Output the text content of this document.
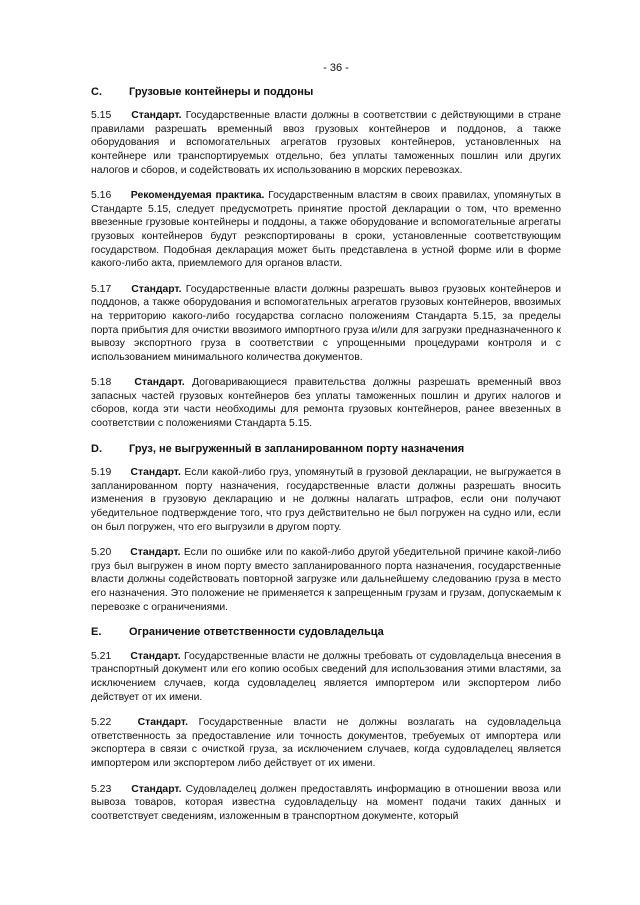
- 36 -
C.	Грузовые контейнеры и поддоны

5.15 Стандарт. Государственные власти должны в соответствии с действующими в стране правилами разрешать временный ввоз грузовых контейнеров и поддонов, а также оборудования и вспомогательных агрегатов грузовых контейнеров, установленных на контейнере или транспортируемых отдельно, без уплаты таможенных пошлин или других налогов и сборов, и содействовать их использованию в морских перевозках.

5.16 Рекомендуемая практика. Государственным властям в своих правилах, упомянутых в Стандарте 5.15, следует предусмотреть принятие простой декларации о том, что временно ввезенные грузовые контейнеры и поддоны, а также оборудование и вспомогательные агрегаты грузовых контейнеров будут реэкспортированы в сроки, установленные соответствующим государством. Подобная декларация может быть представлена в устной форме или в форме какого-либо акта, приемлемого для органов власти.

5.17 Стандарт. Государственные власти должны разрешать вывоз грузовых контейнеров и поддонов, а также оборудования и вспомогательных агрегатов грузовых контейнеров, ввозимых на территорию какого-либо государства согласно положениям Стандарта 5.15, за пределы порта прибытия для очистки ввозимого импортного груза и/или для загрузки предназначенного к вывозу экспортного груза в соответствии с упрощенными процедурами контроля и с использованием минимального количества документов.

5.18 Стандарт. Договаривающиеся правительства должны разрешать временный ввоз запасных частей грузовых контейнеров без уплаты таможенных пошлин и других налогов и сборов, когда эти части необходимы для ремонта грузовых контейнеров, ранее ввезенных в соответствии с положениями Стандарта 5.15.

D.	Груз, не выгруженный в запланированном порту назначения

5.19 Стандарт. Если какой-либо груз, упомянутый в грузовой декларации, не выгружается в запланированном порту назначения, государственные власти должны разрешать вносить изменения в грузовую декларацию и не должны налагать штрафов, если они получают убедительное подтверждение того, что груз действительно не был погружен на судно или, если он был погружен, что его выгрузили в другом порту.

5.20 Стандарт. Если по ошибке или по какой-либо другой убедительной причине какой-либо груз был выгружен в ином порту вместо запланированного порта назначения, государственные власти должны содействовать повторной загрузке или дальнейшему следованию груза в место его назначения. Это положение не применяется к запрещенным грузам и грузам, допускаемым к перевозке с ограничениями.

E.	Ограничение ответственности судовладельца

5.21 Стандарт. Государственные власти не должны требовать от судовладельца внесения в транспортный документ или его копию особых сведений для использования этими властями, за исключением случаев, когда судовладелец является импортером или экспортером либо действует от их имени.

5.22	Стандарт. Государственные власти не должны возлагать на судовладельца ответственность за предоставление или точность документов, требуемых от импортера или экспортера в связи с очисткой груза, за исключением случаев, когда судовладелец является импортером или экспортером либо действует от их имени.

5.23 Стандарт. Судовладелец должен предоставлять информацию в отношении ввоза или вывоза товаров, которая известна судовладельцу на момент подачи таких данных и соответствует сведениям, изложенным в транспортном документе, который
